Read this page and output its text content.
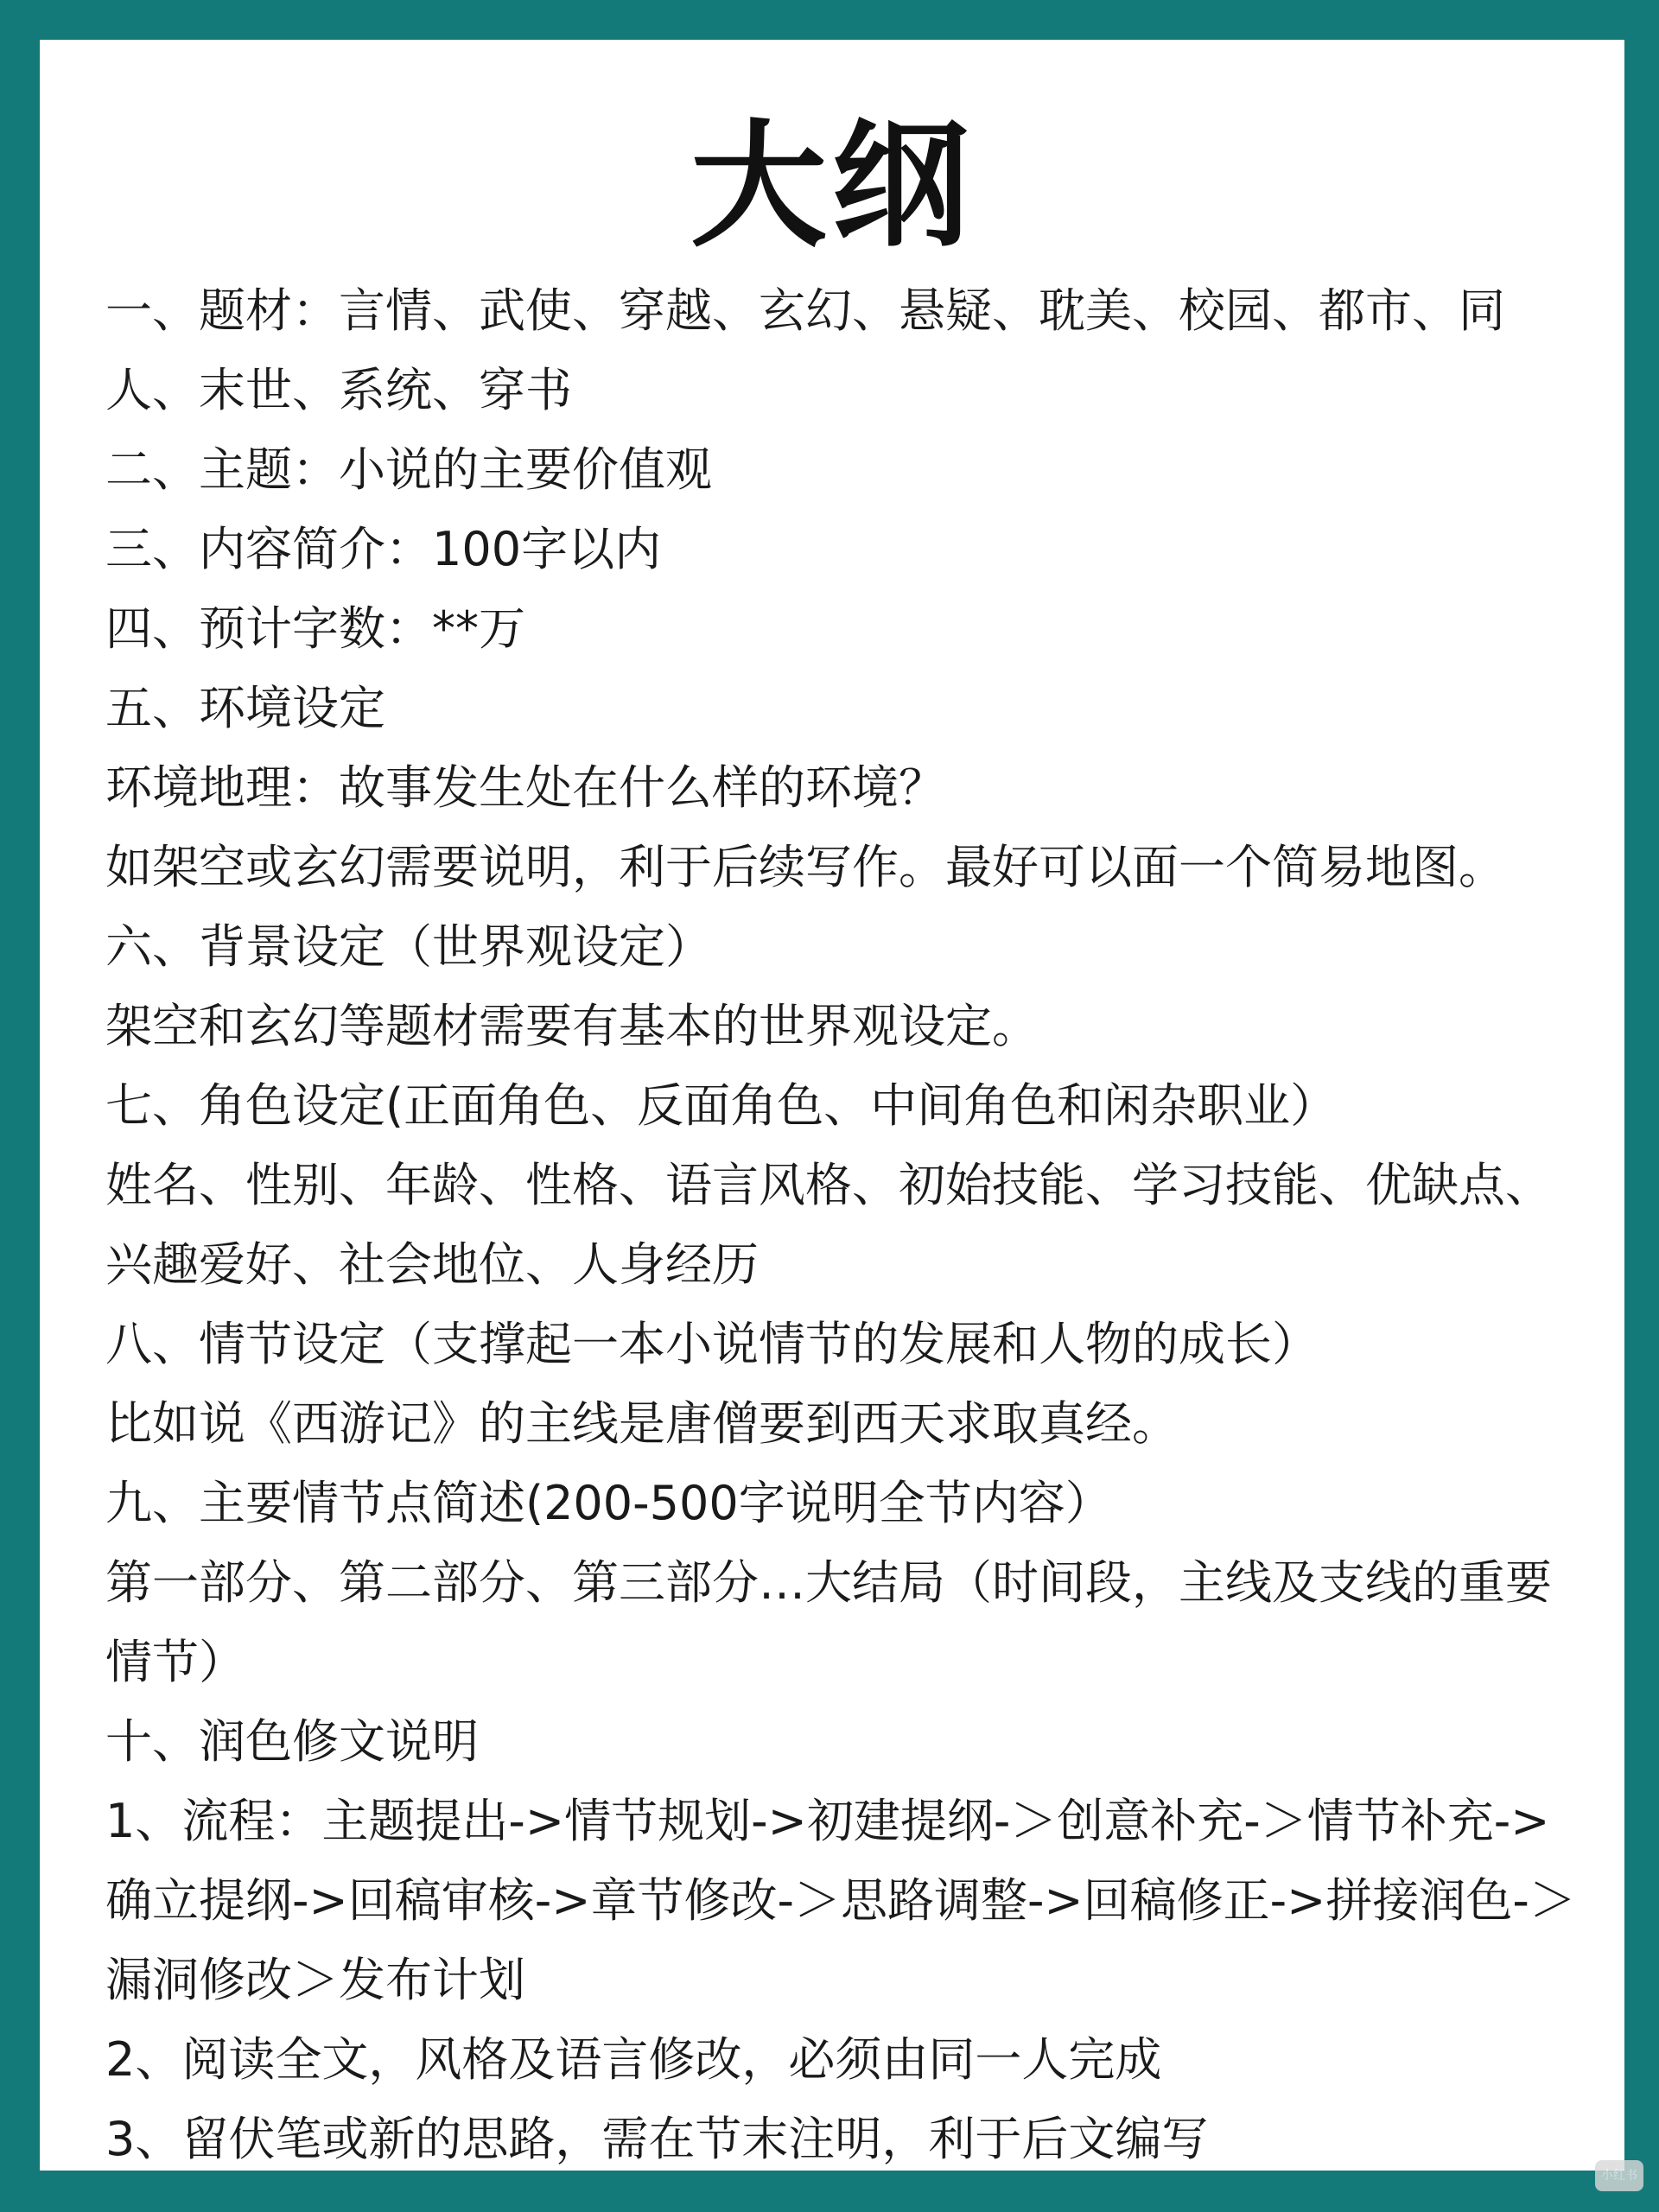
大纲
一、题材：言情、武使、穿越、玄幻、悬疑、耽美、校园、都市、同人、末世、系统、穿书
二、主题：小说的主要价值观
三、内容简介：100字以内
四、预计字数：**万
五、环境设定
环境地理：故事发生处在什么样的环境？
如架空或玄幻需要说明，利于后续写作。最好可以面一个简易地图。
六、背景设定（世界观设定）
架空和玄幻等题材需要有基本的世界观设定。
七、角色设定(正面角色、反面角色、中间角色和闲杂职业）
姓名、性别、年龄、性格、语言风格、初始技能、学习技能、优缺点、兴趣爱好、社会地位、人身经历
八、情节设定（支撑起一本小说情节的发展和人物的成长）
比如说《西游记》的主线是唐僧要到西天求取真经。
九、主要情节点简述(200-500字说明全节内容）
第一部分、第二部分、第三部分…大结局（时间段，主线及支线的重要情节）
十、润色修文说明
1、流程：主题提出->情节规划->初建提纲-＞创意补充-＞情节补充->确立提纲->回稿审核->章节修改-＞思路调整->回稿修正->拼接润色-＞漏洞修改＞发布计划
2、阅读全文，风格及语言修改，必须由同一人完成
3、留伏笔或新的思路，需在节末注明，利于后文编写
小红书
